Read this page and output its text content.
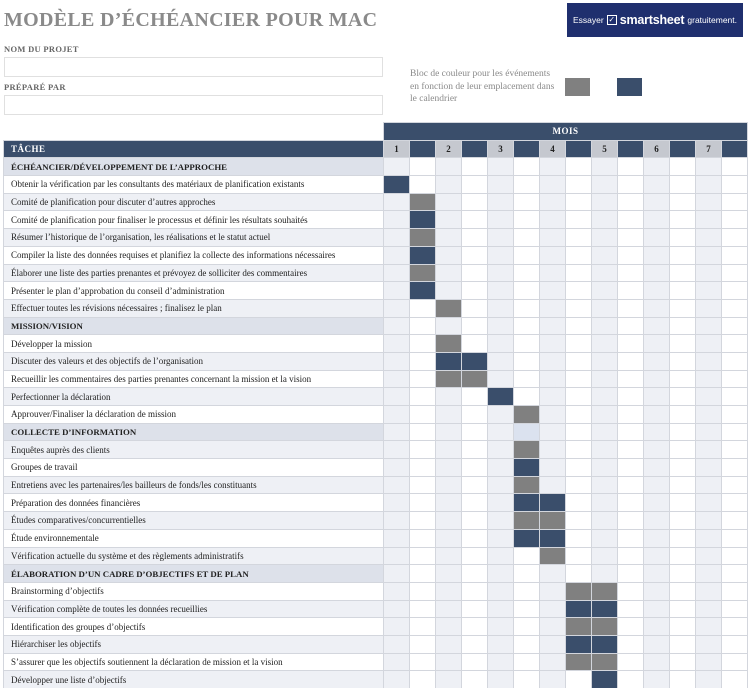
MODÈLE D’ÉCHÉANCIER POUR MAC	Essayer ✓ smartsheet gratuitement.
NOM DU PROJET
PRÉPARÉ PAR
Bloc de couleur pour les événements en fonction de leur emplacement dans le calendrier
	MOIS													
TÂCHE	1		2		3		4		5		6		7	
ÉCHÉANCIER/DÉVELOPPEMENT DE L’APPROCHE														
Obtenir la vérification par les consultants des matériaux de planification existants														
Comité de planification pour discuter d’autres approches														
Comité de planification pour finaliser le processus et définir les résultats souhaités														
Résumer l’historique de l’organisation, les réalisations et le statut actuel														
Compiler la liste des données requises et planifiez la collecte des informations nécessaires														
Élaborer une liste des parties prenantes et prévoyez de solliciter des commentaires														
Présenter le plan d’approbation du conseil d’administration														
Effectuer toutes les révisions nécessaires ; finalisez le plan														
MISSION/VISION														
Développer la mission														
Discuter des valeurs et des objectifs de l’organisation														
Recueillir les commentaires des parties prenantes concernant la mission et la vision														
Perfectionner la déclaration														
Approuver/Finaliser la déclaration de mission														
COLLECTE D’INFORMATION														
Enquêtes auprès des clients														
Groupes de travail														
Entretiens avec les partenaires/les bailleurs de fonds/les constituants														
Préparation des données financières														
Études comparatives/concurrentielles														
Étude environnementale														
Vérification actuelle du système et des règlements administratifs														
ÉLABORATION D’UN CADRE D’OBJECTIFS ET DE PLAN														
Brainstorming d’objectifs														
Vérification complète de toutes les données recueillies														
Identification des groupes d’objectifs														
Hiérarchiser les objectifs														
S’assurer que les objectifs soutiennent la déclaration de mission et la vision														
Développer une liste d’objectifs														
